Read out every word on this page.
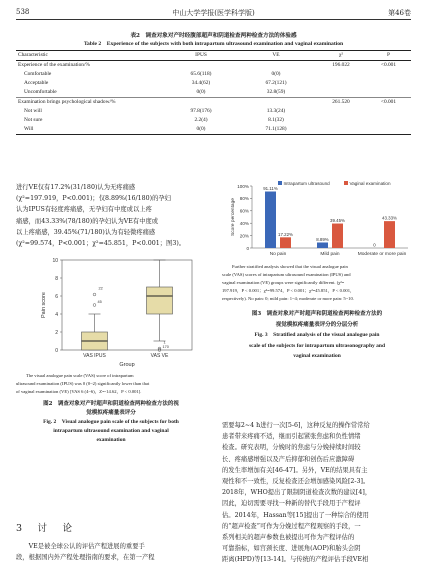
538	中山大学学报(医学科学版)	第46卷
表2　调查对象对产时经腹部超声和阴道检查两种检查方法的体验感
Table 2　Experience of the subjects with both intrapartum ultrasound examination and vaginal examination
Characteristic	IPUS	VE	χ²	P
Experience of the examination/%			196.022	<0.001
Comfortable	65.6(118)	0(0)		
Acceptable	34.4(62)	67.2(121)		
Uncomfortable	0(0)	32.8(59)		
Examination brings psychological shadow/%			261.520	<0.001
Not will	97.8(176)	13.3(24)		
Not sure	2.2(4)	8.1(32)		
Will	0(0)	71.1(128)		
进行VE仅有17.2%(31/180)认为无疼痛感
(χ²=197.919，P<0.001)；仅8.89%(16/180)的孕妇
认为IPUS有轻度疼痛感，无孕妇有中度或以上疼
痛感，而43.33%(78/180)的孕妇认为VE有中度或
以上疼痛感，39.45%(71/180)认为有轻微疼痛感
(χ²=99.574，P<0.001；χ²=45.851，P<0.001；图3)。
0
2
4
6
8
10
Pain score
Group
45
22
VAS IPUS
170
1
VAS VE
The visual analogue pain scale (VAS) score of intrapartum
ultrasound examination (IPUS) was 0 (0~2) significantly lower than that
of vaginal examination (VE) [VAS 6 (4~6)，Z=-14.62，P < 0.001].
图2　调查对象对产时超声和阴道检查两种检查方法的视
觉模拟疼痛量表评分
Fig. 2　Visual analogue pain scale of the subjects for both
intrapartum ultrasound examination and vaginal
examination
3　讨　论
　　VE是被全球公认的评估产程进展的重要手
段，根据国内外产程处理指南的要求，在第一产程
0
20%
40%
60%
80%
100%
Score percentage
Intrapartum ultrasound	Vaginal examination
91.11%
17.22%
No pain
8.89%
39.45%
Mild pain
0
43.33%
Moderate or more pain
Further stratified analysis showed that the visual analogue pain
scale (VAS) scores of intrapartum ultrasound examination (IPUS) and
vaginal examination (VE) groups were significantly different. (χ²=
197.919，P < 0.001；χ²=99.574，P < 0.001；χ²=45.851，P < 0.001，
respectively). No pain: 0; mild pain: 1~4; moderate or more pain: 5~10.
图3　调查对象对产时超声和阴道检查两种检查方法的
视觉模拟疼痛量表评分的分层分析
Fig. 3　Stratified analysis of the visual analogue pain
scale of the subjects for intrapartum ultrasonography and
vaginal examination
需要每2~4 h进行一次[5-6]，这种反复的操作常常给
患者带来疼痛不适，继而引起紧张焦虑和负性情绪
检查。研究表明，分娩时的焦虑与分娩持续时间较
长、疼痛感增强以及产后抑郁和创伤后应激障碍
的发生率增加有关[46-47]。另外，VE的结果具有主
观性和不一致性，反复检查还会增加感染风险[2-3]。
2018年，WHO提出了限制阴道检查次数的建议[4]，
因此，迫切需要寻找一种新的替代手段用于产程评
估。2014年，Hassan等[15]提出了一种综合的使用
的“超声检查”可作为分娩过程产程观察的手段，一
系列相关的超声参数也被提出可作为产程评估的
可靠指标，如宫颈长度、进展角(AOP)和胎头会阴
距离(HPD)等[13-14]。与传统的产程评估手段VE相
